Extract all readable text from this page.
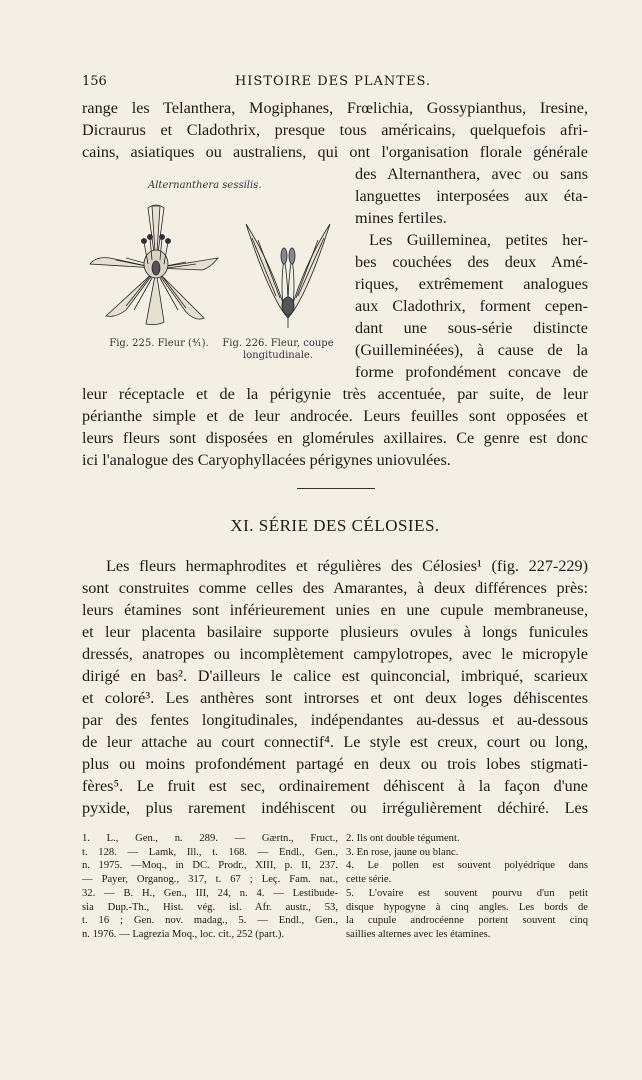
156	HISTOIRE DES PLANTES.
range les Telanthera, Mogiphanes, Frœlichia, Gossypianthus, Iresine,
Dicraurus et Cladothrix, presque tous américains, quelquefois afri-
cains, asiatiques ou australiens, qui ont l'organisation florale générale
des Alternanthera, avec ou sans
languettes interposées aux éta-
mines fertiles.
Les Guilleminea, petites her-
bes couchées des deux Amé-
riques, extrêmement analogues
aux Cladothrix, forment cepen-
dant une sous-série distincte
(Guilleminéées), à cause de la
forme profondément concave de
leur réceptacle et de la périgynie très accentuée, par suite, de leur
périanthe simple et de leur androcée. Leurs feuilles sont opposées et
leurs fleurs sont disposées en glomérules axillaires. Ce genre est donc
ici l'analogue des Caryophyllacées périgynes uniovulées.
Alternanthera sessilis.
Fig. 225. Fleur (⁴⁄₁).	Fig. 226. Fleur, coupe
longitudinale.
XI. SÉRIE DES CÉLOSIES.
Les fleurs hermaphrodites et régulières des Célosies¹ (fig. 227-229)
sont construites comme celles des Amarantes, à deux différences près:
leurs étamines sont inférieurement unies en une cupule membraneuse,
et leur placenta basilaire supporte plusieurs ovules à longs funicules
dressés, anatropes ou incomplètement campylotropes, avec le micropyle
dirigé en bas². D'ailleurs le calice est quinconcial, imbriqué, scarieux
et coloré³. Les anthères sont introrses et ont deux loges déhiscentes
par des fentes longitudinales, indépendantes au-dessus et au-dessous
de leur attache au court connectif⁴. Le style est creux, court ou long,
plus ou moins profondément partagé en deux ou trois lobes stigmati-
fères⁵. Le fruit est sec, ordinairement déhiscent à la façon d'une
pyxide, plus rarement indéhiscent ou irrégulièrement déchiré. Les
1. L., Gen., n. 289. — Gærtn., Fruct.,
t. 128. — Lamk, Ill., t. 168. — Endl., Gen.,
n. 1975. —Moq., in DC. Prodr., XIII, p. II, 237.
— Payer, Organog., 317, t. 67 ; Leç. Fam. nat.,
32. — B. H., Gen., III, 24, n. 4. — Lestibude-
sia Dup.-Th., Hist. vég. isl. Afr. austr., 53,
t. 16 ; Gen. nov. madag., 5. — Endl., Gen.,
n. 1976. — Lagrezia Moq., loc. cit., 252 (part.).
2. Ils ont double tégument.
3. En rose, jaune ou blanc.
4. Le pollen est souvent polyédrique dans
cette série.
5. L'ovaire est souvent pourvu d'un petit
disque hypogyne à cinq angles. Les bords de
la cupule androcéenne portent souvent cinq
saillies alternes avec les étamines.
